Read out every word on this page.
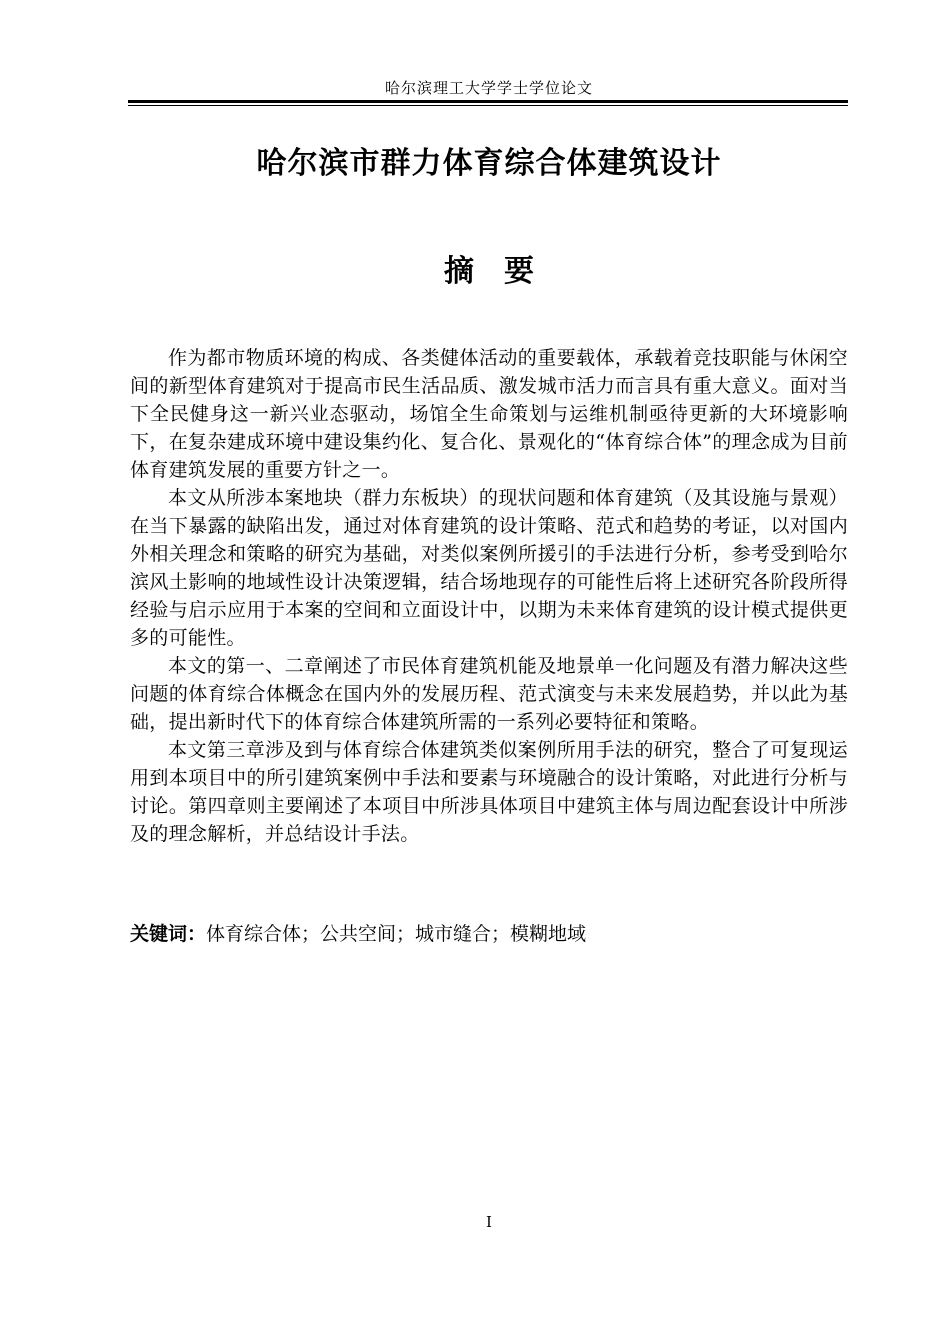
哈尔滨理工大学学士学位论文
哈尔滨市群力体育综合体建筑设计
摘要

作为都市物质环境的构成、各类健体活动的重要载体，承载着竞技职能与休闲空间的新型体育建筑对于提高市民生活品质、激发城市活力而言具有重大意义。面对当下全民健身这一新兴业态驱动，场馆全生命策划与运维机制亟待更新的大环境影响下，在复杂建成环境中建设集约化、复合化、景观化的“体育综合体”的理念成为目前体育建筑发展的重要方针之一。

本文从所涉本案地块（群力东板块）的现状问题和体育建筑（及其设施与景观）在当下暴露的缺陷出发，通过对体育建筑的设计策略、范式和趋势的考证，以对国内外相关理念和策略的研究为基础，对类似案例所援引的手法进行分析，参考受到哈尔滨风土影响的地域性设计决策逻辑，结合场地现存的可能性后将上述研究各阶段所得经验与启示应用于本案的空间和立面设计中，以期为未来体育建筑的设计模式提供更多的可能性。

本文的第一、二章阐述了市民体育建筑机能及地景单一化问题及有潜力解决这些问题的体育综合体概念在国内外的发展历程、范式演变与未来发展趋势，并以此为基础，提出新时代下的体育综合体建筑所需的一系列必要特征和策略。

本文第三章涉及到与体育综合体建筑类似案例所用手法的研究，整合了可复现运用到本项目中的所引建筑案例中手法和要素与环境融合的设计策略，对此进行分析与讨论。第四章则主要阐述了本项目中所涉具体项目中建筑主体与周边配套设计中所涉及的理念解析，并总结设计手法。

关键词：体育综合体；公共空间；城市缝合；模糊地域
I
